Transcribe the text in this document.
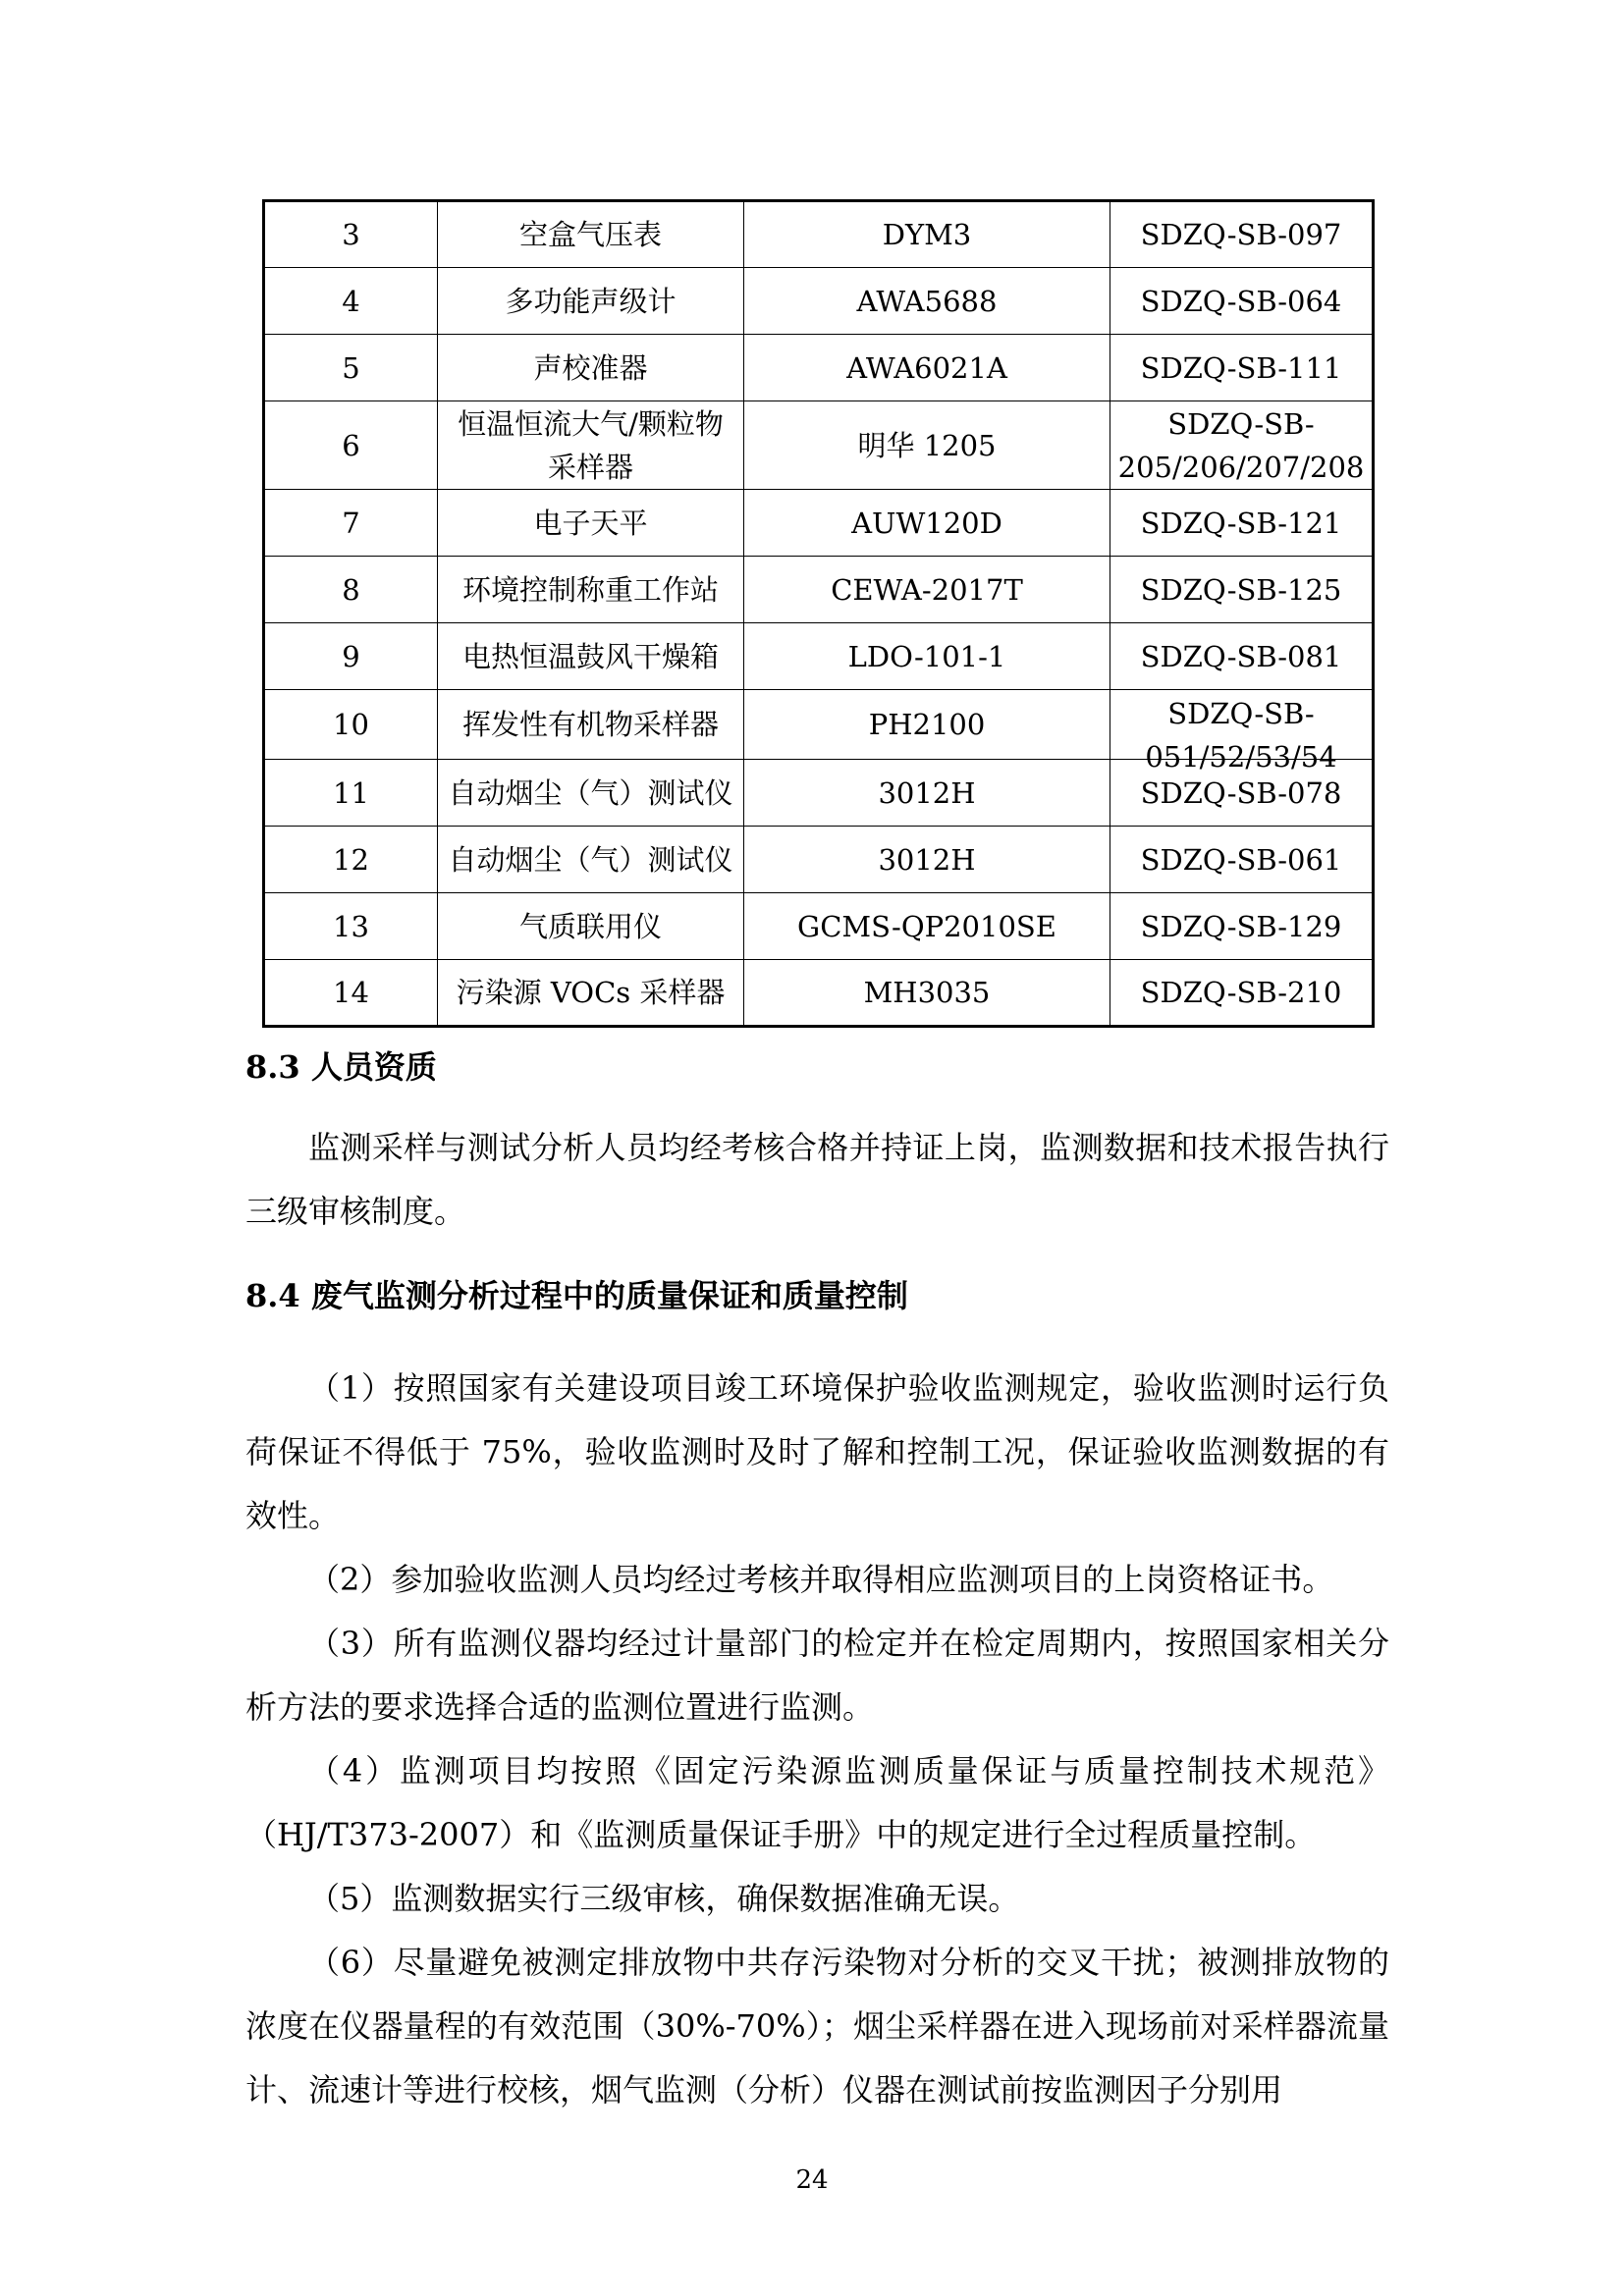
3	空盒气压表	DYM3	SDZQ-SB-097
4	多功能声级计	AWA5688	SDZQ-SB-064
5	声校准器	AWA6021A	SDZQ-SB-111
6	恒温恒流大气/颗粒物采样器	明华 1205	SDZQ-SB-205/206/207/208
7	电子天平	AUW120D	SDZQ-SB-121
8	环境控制称重工作站	CEWA-2017T	SDZQ-SB-125
9	电热恒温鼓风干燥箱	LDO-101-1	SDZQ-SB-081
10	挥发性有机物采样器	PH2100	SDZQ-SB-051/52/53/54

11	自动烟尘（气）测试仪	3012H	SDZQ-SB-078
12	自动烟尘（气）测试仪	3012H	SDZQ-SB-061
13	气质联用仪	GCMS-QP2010SE	SDZQ-SB-129
14	污染源 VOCs 采样器	MH3035	SDZQ-SB-210
8.3 人员资质
监测采样与测试分析人员均经考核合格并持证上岗，监测数据和技术报告执行三级审核制度。
8.4 废气监测分析过程中的质量保证和质量控制
（1）按照国家有关建设项目竣工环境保护验收监测规定，验收监测时运行负荷保证不得低于 75%，验收监测时及时了解和控制工况，保证验收监测数据的有效性。
（2）参加验收监测人员均经过考核并取得相应监测项目的上岗资格证书。
（3）所有监测仪器均经过计量部门的检定并在检定周期内，按照国家相关分析方法的要求选择合适的监测位置进行监测。
（4）监测项目均按照《固定污染源监测质量保证与质量控制技术规范》（HJ/T373-2007）和《监测质量保证手册》中的规定进行全过程质量控制。
（5）监测数据实行三级审核，确保数据准确无误。
（6）尽量避免被测定排放物中共存污染物对分析的交叉干扰；被测排放物的浓度在仪器量程的有效范围（30%-70%）；烟尘采样器在进入现场前对采样器流量计、流速计等进行校核，烟气监测（分析）仪器在测试前按监测因子分别用
24
